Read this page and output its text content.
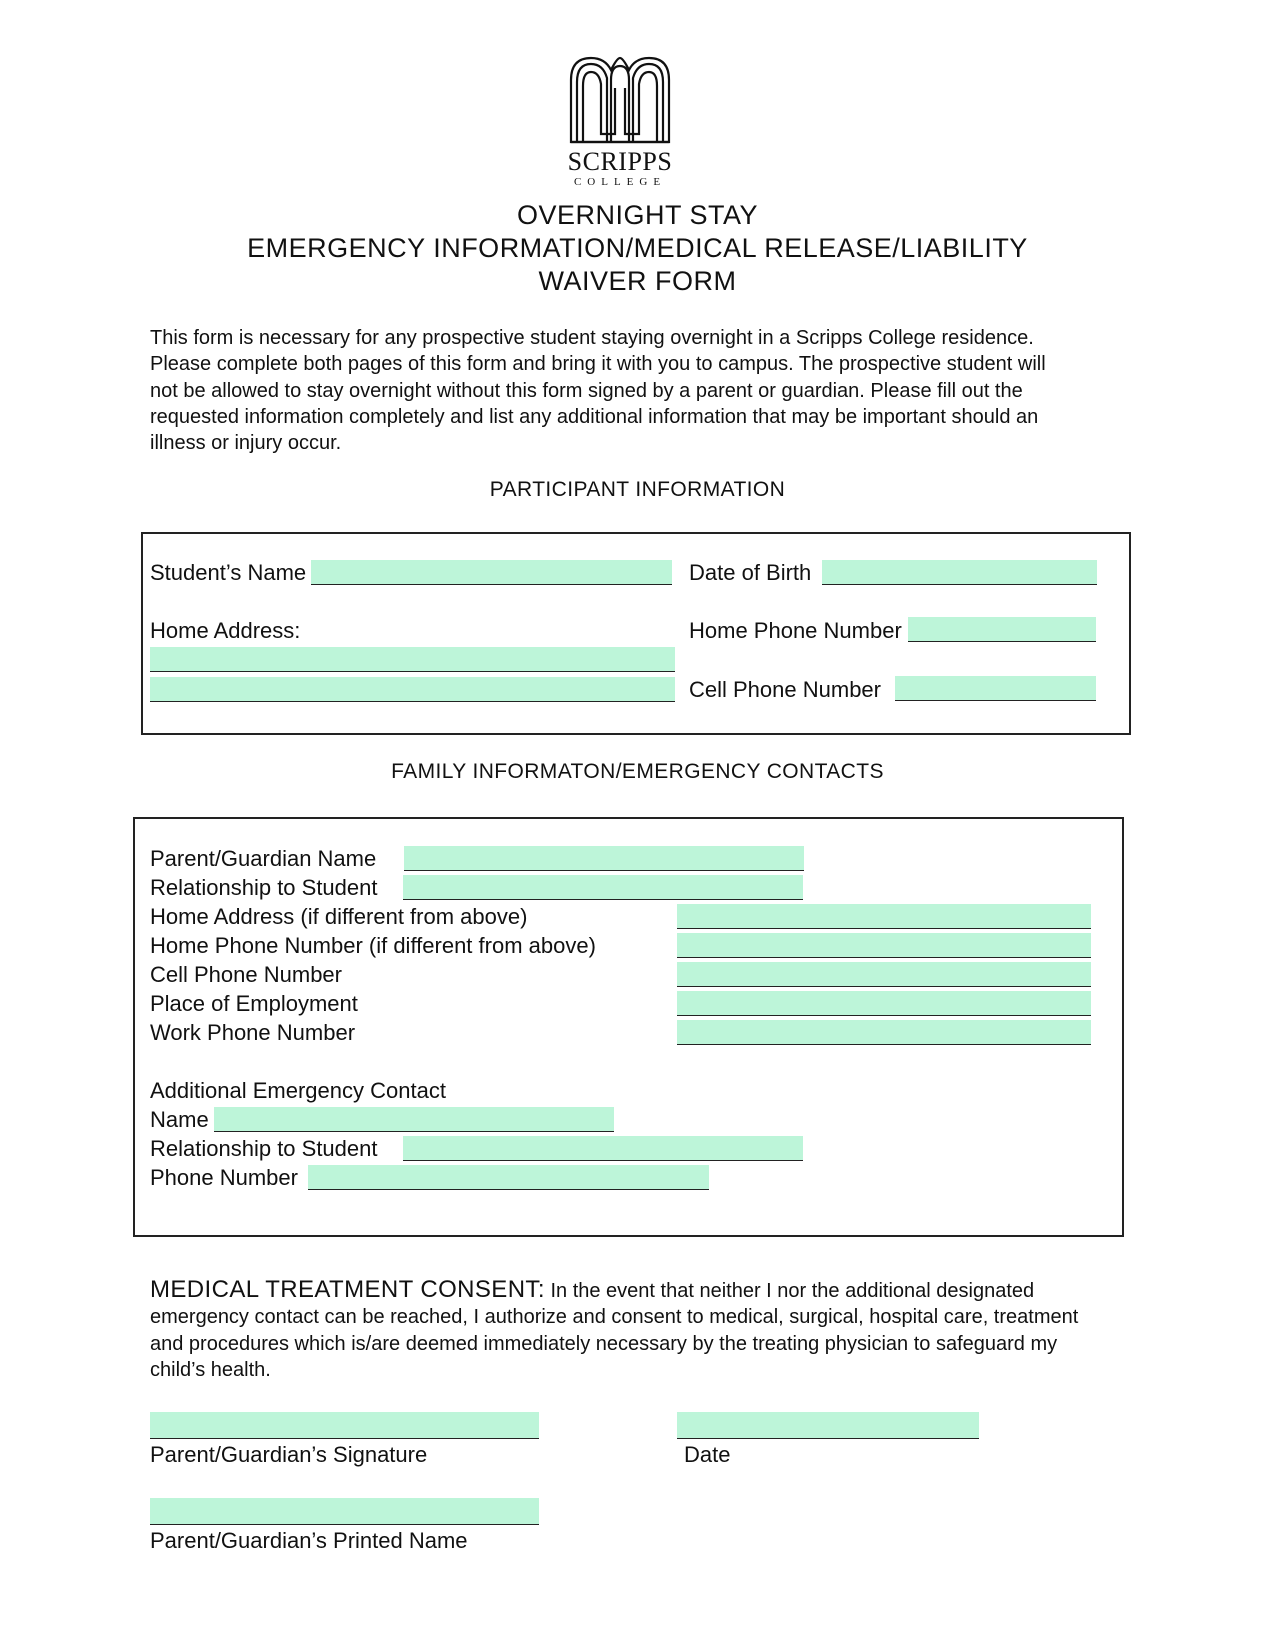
SCRIPPS
COLLEGE
OVERNIGHT STAY
EMERGENCY INFORMATION/MEDICAL RELEASE/LIABILITY
WAIVER FORM
This form is necessary for any prospective student staying overnight in a Scripps College residence.
Please complete both pages of this form and bring it with you to campus. The prospective student will
not be allowed to stay overnight without this form signed by a parent or guardian. Please fill out the
requested information completely and list any additional information that may be important should an
illness or injury occur.
PARTICIPANT INFORMATION
Student’s Name	Date of Birth
Home Address:	Home Phone Number
Cell Phone Number
FAMILY INFORMATON/EMERGENCY CONTACTS
Parent/Guardian Name
Relationship to Student
Home Address (if different from above)
Home Phone Number (if different from above)
Cell Phone Number
Place of Employment
Work Phone Number
Additional Emergency Contact
Name
Relationship to Student
Phone Number
MEDICAL TREATMENT CONSENT: In the event that neither I nor the additional designated
emergency contact can be reached, I authorize and consent to medical, surgical, hospital care, treatment
and procedures which is/are deemed immediately necessary by the treating physician to safeguard my
child’s health.
Parent/Guardian’s Signature	Date
Parent/Guardian’s Printed Name
